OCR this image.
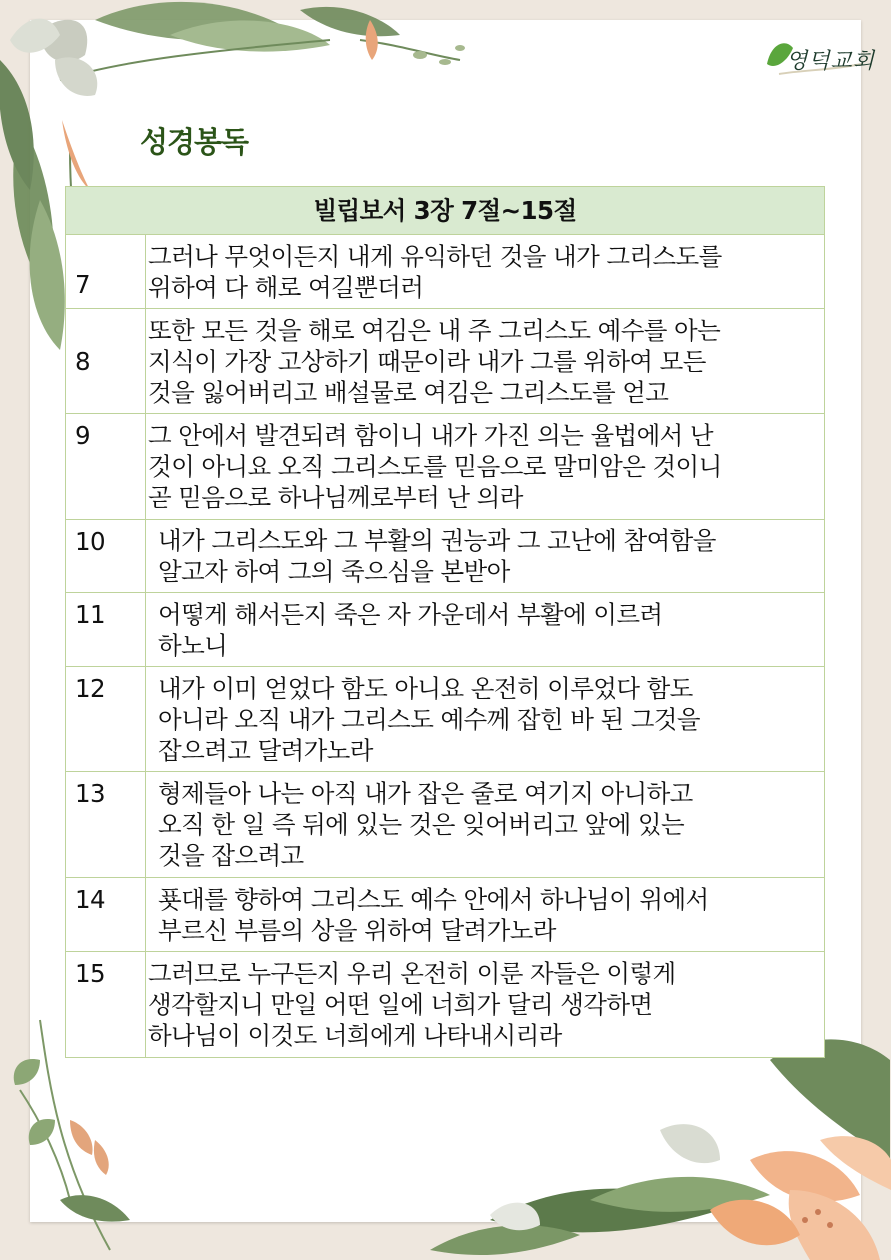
영덕교회
성경봉독
빌립보서 3장 7절~15절	

7	그러나 무엇이든지 내게 유익하던 것을 내가 그리스도를
위하여 다 해로 여길뿐더러

8	또한 모든 것을 해로 여김은 내 주 그리스도 예수를 아는
지식이 가장 고상하기 때문이라 내가 그를 위하여 모든
것을 잃어버리고 배설물로 여김은 그리스도를 얻고

9	그 안에서 발견되려 함이니 내가 가진 의는 율법에서 난
것이 아니요 오직 그리스도를 믿음으로 말미암은 것이니
곧 믿음으로 하나님께로부터 난 의라

10	내가 그리스도와 그 부활의 권능과 그 고난에 참여함을
알고자 하여 그의 죽으심을 본받아

11	어떻게 해서든지 죽은 자 가운데서 부활에 이르려
하노니

12	내가 이미 얻었다 함도 아니요 온전히 이루었다 함도
아니라 오직 내가 그리스도 예수께 잡힌 바 된 그것을
잡으려고 달려가노라

13	형제들아 나는 아직 내가 잡은 줄로 여기지 아니하고
오직 한 일 즉 뒤에 있는 것은 잊어버리고 앞에 있는
것을 잡으려고

14	푯대를 향하여 그리스도 예수 안에서 하나님이 위에서
부르신 부름의 상을 위하여 달려가노라

15	그러므로 누구든지 우리 온전히 이룬 자들은 이렇게
생각할지니 만일 어떤 일에 너희가 달리 생각하면
하나님이 이것도 너희에게 나타내시리라
